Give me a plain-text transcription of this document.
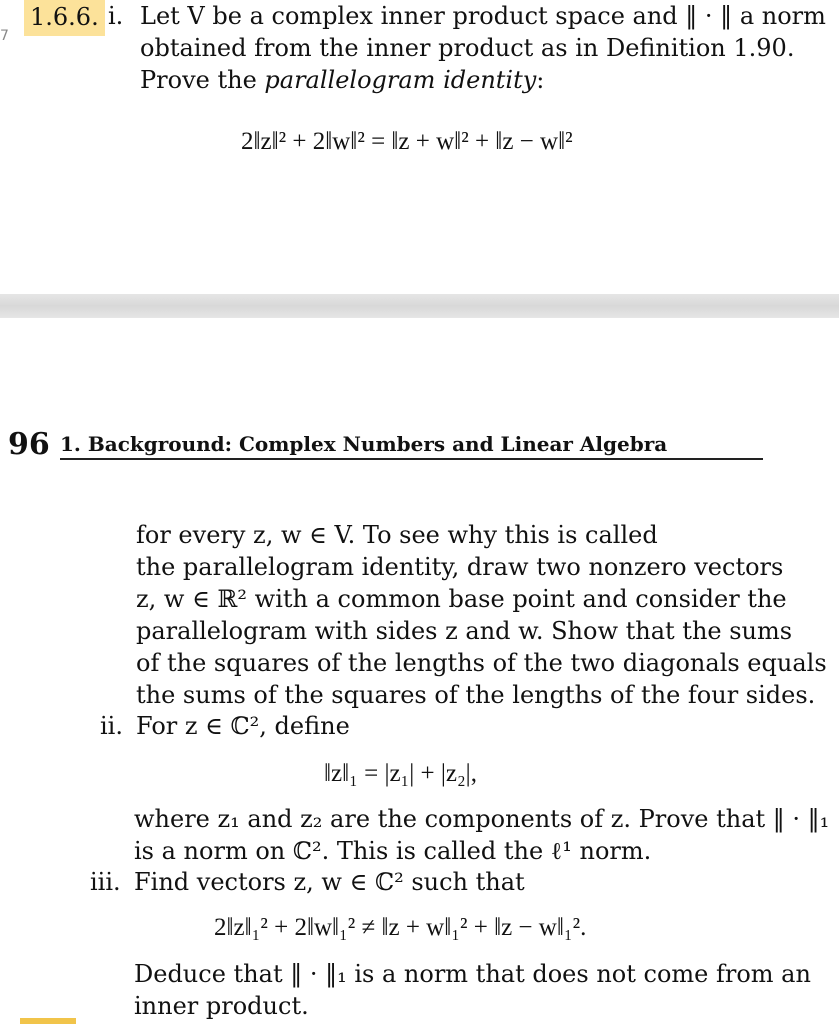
7
1.6.6. i. Let V be a complex inner product space and ‖ · ‖ a norm
obtained from the inner product as in Definition 1.90.
Prove the parallelogram identity:
2‖z‖² + 2‖w‖² = ‖z + w‖² + ‖z − w‖²
96 1. Background: Complex Numbers and Linear Algebra
for every z, w ∈ V. To see why this is called
the parallelogram identity, draw two nonzero vectors
z, w ∈ ℝ² with a common base point and consider the
parallelogram with sides z and w. Show that the sums
of the squares of the lengths of the two diagonals equals
the sums of the squares of the lengths of the four sides.
ii. For z ∈ ℂ², define
‖z‖₁ = |z₁| + |z₂|,
where z₁ and z₂ are the components of z. Prove that ‖ · ‖₁
is a norm on ℂ². This is called the ℓ¹ norm.
iii. Find vectors z, w ∈ ℂ² such that
2‖z‖₁² + 2‖w‖₁² ≠ ‖z + w‖₁² + ‖z − w‖₁².
Deduce that ‖ · ‖₁ is a norm that does not come from an
inner product.
